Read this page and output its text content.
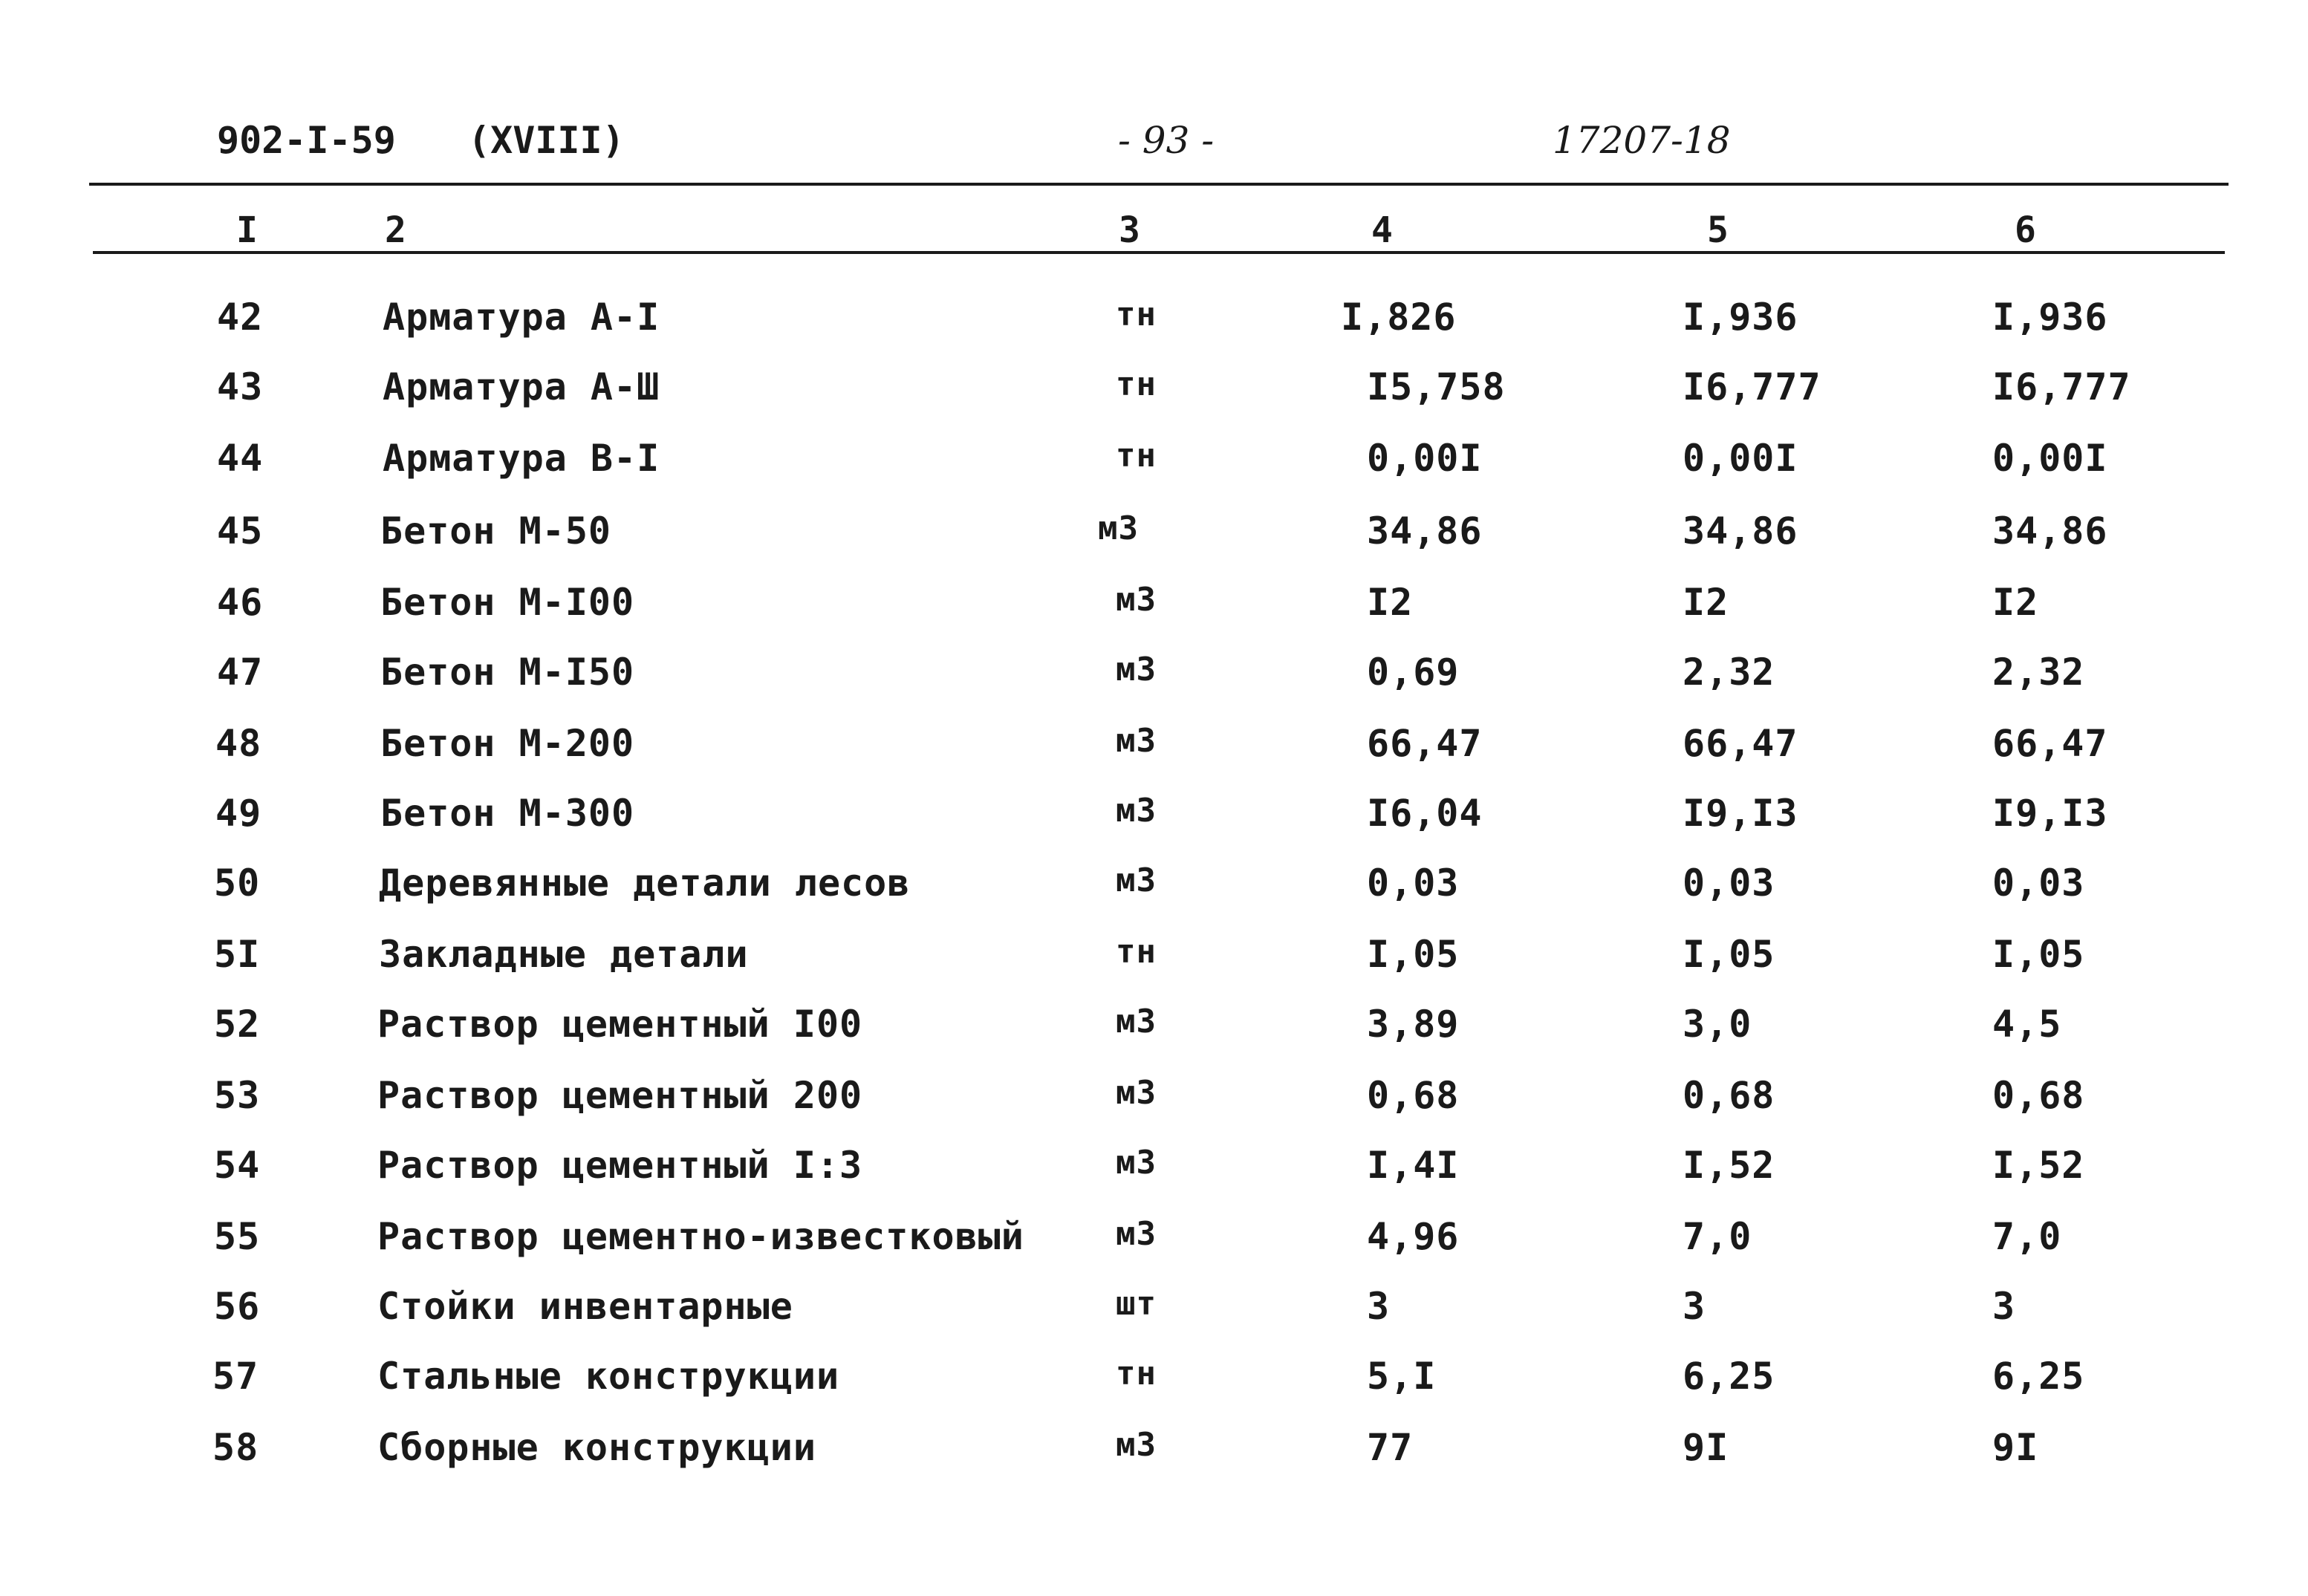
902-I-59 (XVIII)	- 93 -	17207-18
I	2	3	4	5	6
42	Арматура А-I	тн	I,826	I,936	I,936
43	Арматура А-Ш	тн	I5,758	I6,777	I6,777
44	Арматура В-I	тн	0,00I	0,00I	0,00I
45	Бетон М-50	м3	34,86	34,86	34,86
46	Бетон М-I00	м3	I2	I2	I2
47	Бетон М-I50	м3	0,69	2,32	2,32
48	Бетон М-200	м3	66,47	66,47	66,47
49	Бетон М-300	м3	I6,04	I9,I3	I9,I3
50	Деревянные детали лесов	м3	0,03	0,03	0,03
5I	Закладные детали	тн	I,05	I,05	I,05
52	Раствор цементный I00	м3	3,89	3,0	4,5
53	Раствор цементный 200	м3	0,68	0,68	0,68
54	Раствор цементный I:3	м3	I,4I	I,52	I,52
55	Раствор цементно-известковый	м3	4,96	7,0	7,0
56	Стойки инвентарные	шт	3	3	3
57	Стальные конструкции	тн	5,I	6,25	6,25
58	Сборные конструкции	м3	77	9I	9I
